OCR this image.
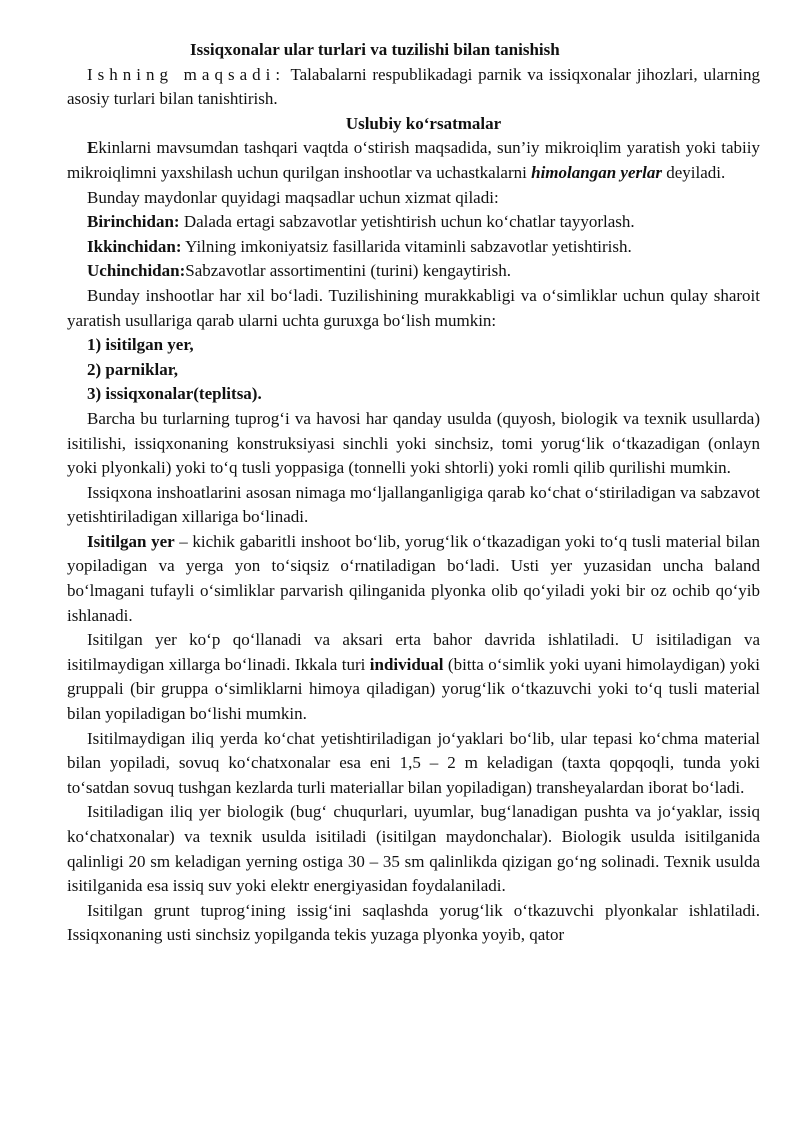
Issiqxonalar ular turlari va tuzilishi bilan tanishish

Ishning maqsadi: Talabalarni respublikadagi parnik va issiqxonalar jihozlari, ularning asosiy turlari bilan tanishtirish.

Uslubiy koʻrsatmalar

Ekinlarni mavsumdan tashqari vaqtda oʻstirish maqsadida, sun’iy mikroiqlim yaratish yoki tabiiy mikroiqlimni yaxshilash uchun qurilgan inshootlar va uchastkalarni himolangan yerlar deyiladi.

Bunday maydonlar quyidagi maqsadlar uchun xizmat qiladi:

Birinchidan: Dalada ertagi sabzavotlar yetishtirish uchun koʻchatlar tayyorlash.

Ikkinchidan: Yilning imkoniyatsiz fasillarida vitaminli sabzavotlar yetishtirish.

Uchinchidan:Sabzavotlar assortimentini (turini) kengaytirish.

Bunday inshootlar har xil boʻladi. Tuzilishining murakkabligi va oʻsimliklar uchun qulay sharoit yaratish usullariga qarab ularni uchta guruxga boʻlish mumkin:

1) isitilgan yer,
2) parniklar,
3) issiqxonalar(teplitsa).

Barcha bu turlarning tuprogʻi va havosi har qanday usulda (quyosh, biologik va texnik usullarda) isitilishi, issiqxonaning konstruksiyasi sinchli yoki sinchsiz, tomi yorugʻlik oʻtkazadigan (onlayn yoki plyonkali) yoki toʻq tusli yoppasiga (tonnelli yoki shtorli) yoki romli qilib qurilishi mumkin.

Issiqxona inshoatlarini asosan nimaga moʻljallanganligiga qarab koʻchat oʻstiriladigan va sabzavot yetishtiriladigan xillariga boʻlinadi.

Isitilgan yer – kichik gabaritli inshoot boʻlib, yorugʻlik oʻtkazadigan yoki toʻq tusli material bilan yopiladigan va yerga yon toʻsiqsiz oʻrnatiladigan boʻladi. Usti yer yuzasidan uncha baland boʻlmagani tufayli oʻsimliklar parvarish qilinganida plyonka olib qoʻyiladi yoki bir oz ochib qoʻyib ishlanadi.

Isitilgan yer koʻp qoʻllanadi va aksari erta bahor davrida ishlatiladi. U isitiladigan va isitilmaydigan xillarga boʻlinadi. Ikkala turi individual (bitta oʻsimlik yoki uyani himolaydigan) yoki gruppali (bir gruppa oʻsimliklarni himoya qiladigan) yorugʻlik oʻtkazuvchi yoki toʻq tusli material bilan yopiladigan boʻlishi mumkin.

Isitilmaydigan iliq yerda koʻchat yetishtiriladigan joʻyaklari boʻlib, ular tepasi koʻchma material bilan yopiladi, sovuq koʻchatxonalar esa eni 1,5 – 2 m keladigan (taxta qopqoqli, tunda yoki toʻsatdan sovuq tushgan kezlarda turli materiallar bilan yopiladigan) transheyalardan iborat boʻladi.

Isitiladigan iliq yer biologik (bugʻ chuqurlari, uyumlar, bugʻlanadigan pushta va joʻyaklar, issiq koʻchatxonalar) va texnik usulda isitiladi (isitilgan maydonchalar). Biologik usulda isitilganida qalinligi 20 sm keladigan yerning ostiga 30 – 35 sm qalinlikda qizigan goʻng solinadi. Texnik usulda isitilganida esa issiq suv yoki elektr energiyasidan foydalaniladi.

Isitilgan grunt tuprogʻining issigʻini saqlashda yorugʻlik oʻtkazuvchi plyonkalar ishlatiladi. Issiqxonaning usti sinchsiz yopilganda tekis yuzaga plyonka yoyib, qator
